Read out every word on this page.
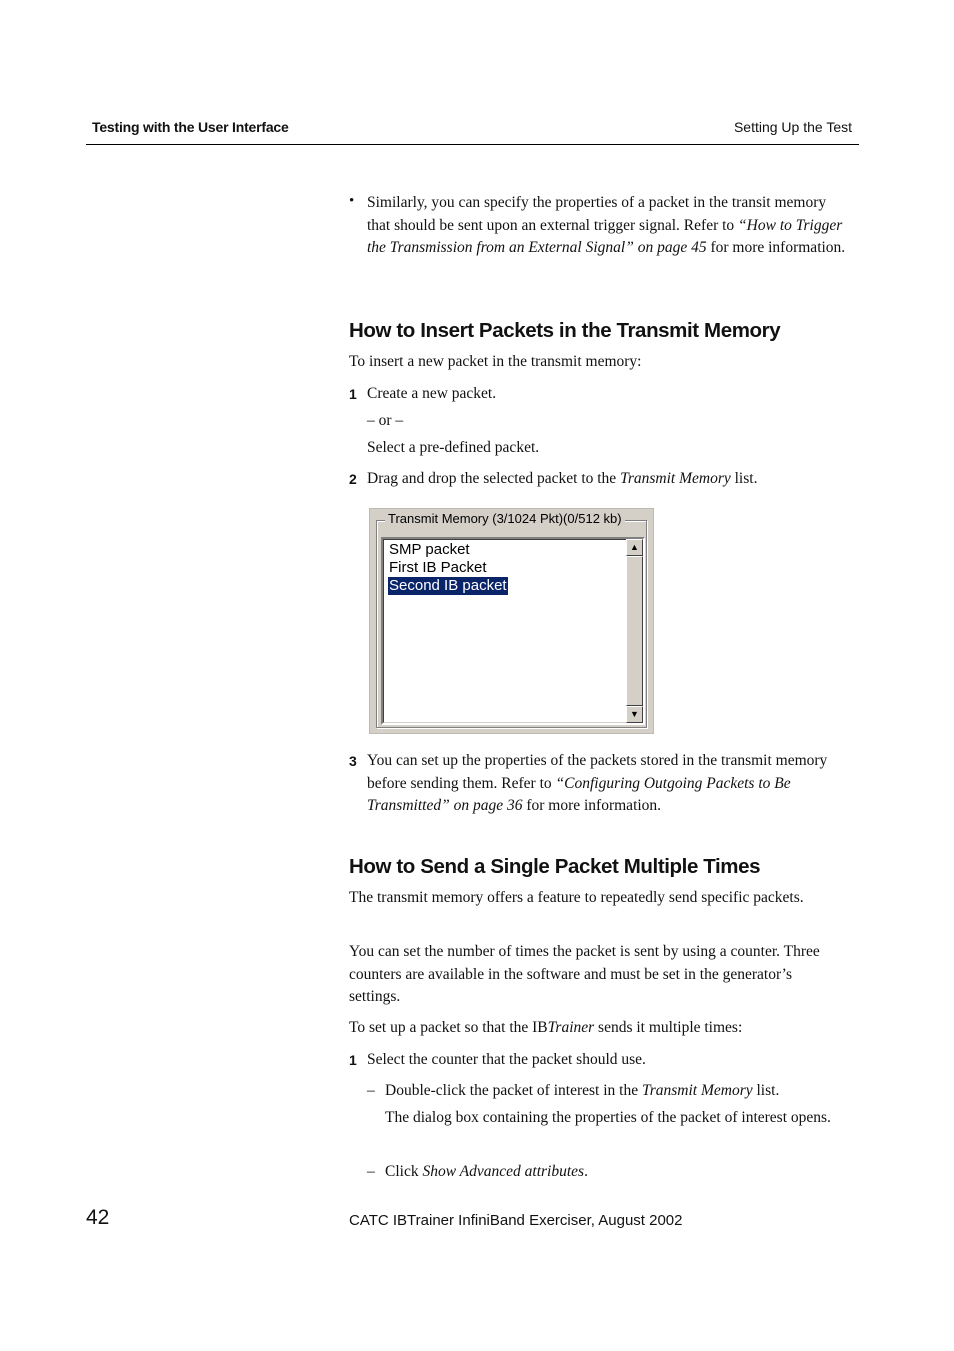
Testing with the User Interface	Setting Up the Test
• Similarly, you can specify the properties of a packet in the transit memory that should be sent upon an external trigger signal. Refer to “How to Trigger the Transmission from an External Signal” on page 45 for more information.
How to Insert Packets in the Transmit Memory
To insert a new packet in the transmit memory:
1 Create a new packet.
– or –
Select a pre-defined packet.
2 Drag and drop the selected packet to the Transmit Memory list.
Transmit Memory (3/1024 Pkt)(0/512 kb)
SMP packet
First IB Packet
Second IB packet
▲
▼
3 You can set up the properties of the packets stored in the transmit memory before sending them. Refer to “Configuring Outgoing Packets to Be Transmitted” on page 36 for more information.
How to Send a Single Packet Multiple Times
The transmit memory offers a feature to repeatedly send specific packets.
You can set the number of times the packet is sent by using a counter. Three counters are available in the software and must be set in the generator’s settings.
To set up a packet so that the IBTrainer sends it multiple times:
1 Select the counter that the packet should use.
– Double-click the packet of interest in the Transmit Memory list.
The dialog box containing the properties of the packet of interest opens.
– Click Show Advanced attributes.
42	CATC IBTrainer InfiniBand Exerciser, August 2002
